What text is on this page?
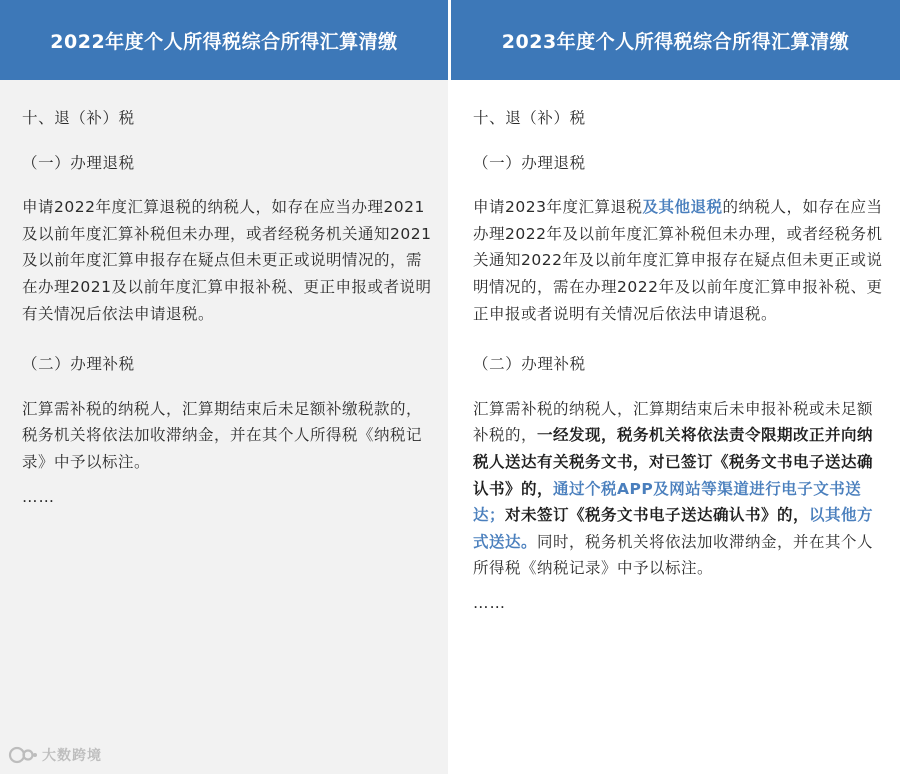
2022年度个人所得税综合所得汇算清缴
十、退（补）税
（一）办理退税
申请2022年度汇算退税的纳税人，如存在应当办理2021及以前年度汇算补税但未办理，或者经税务机关通知2021及以前年度汇算申报存在疑点但未更正或说明情况的，需在办理2021及以前年度汇算申报补税、更正申报或者说明有关情况后依法申请退税。
（二）办理补税
汇算需补税的纳税人，汇算期结束后未足额补缴税款的，税务机关将依法加收滞纳金，并在其个人所得税《纳税记录》中予以标注。
……
2023年度个人所得税综合所得汇算清缴
十、退（补）税
（一）办理退税
申请2023年度汇算退税及其他退税的纳税人，如存在应当办理2022年及以前年度汇算补税但未办理，或者经税务机关通知2022年及以前年度汇算申报存在疑点但未更正或说明情况的，需在办理2022年及以前年度汇算申报补税、更正申报或者说明有关情况后依法申请退税。
（二）办理补税
汇算需补税的纳税人，汇算期结束后未申报补税或未足额补税的，一经发现，税务机关将依法责令限期改正并向纳税人送达有关税务文书，对已签订《税务文书电子送达确认书》的，通过个税APP及网站等渠道进行电子文书送达；对未签订《税务文书电子送达确认书》的，以其他方式送达。同时，税务机关将依法加收滞纳金，并在其个人所得税《纳税记录》中予以标注。
……
大数跨境
